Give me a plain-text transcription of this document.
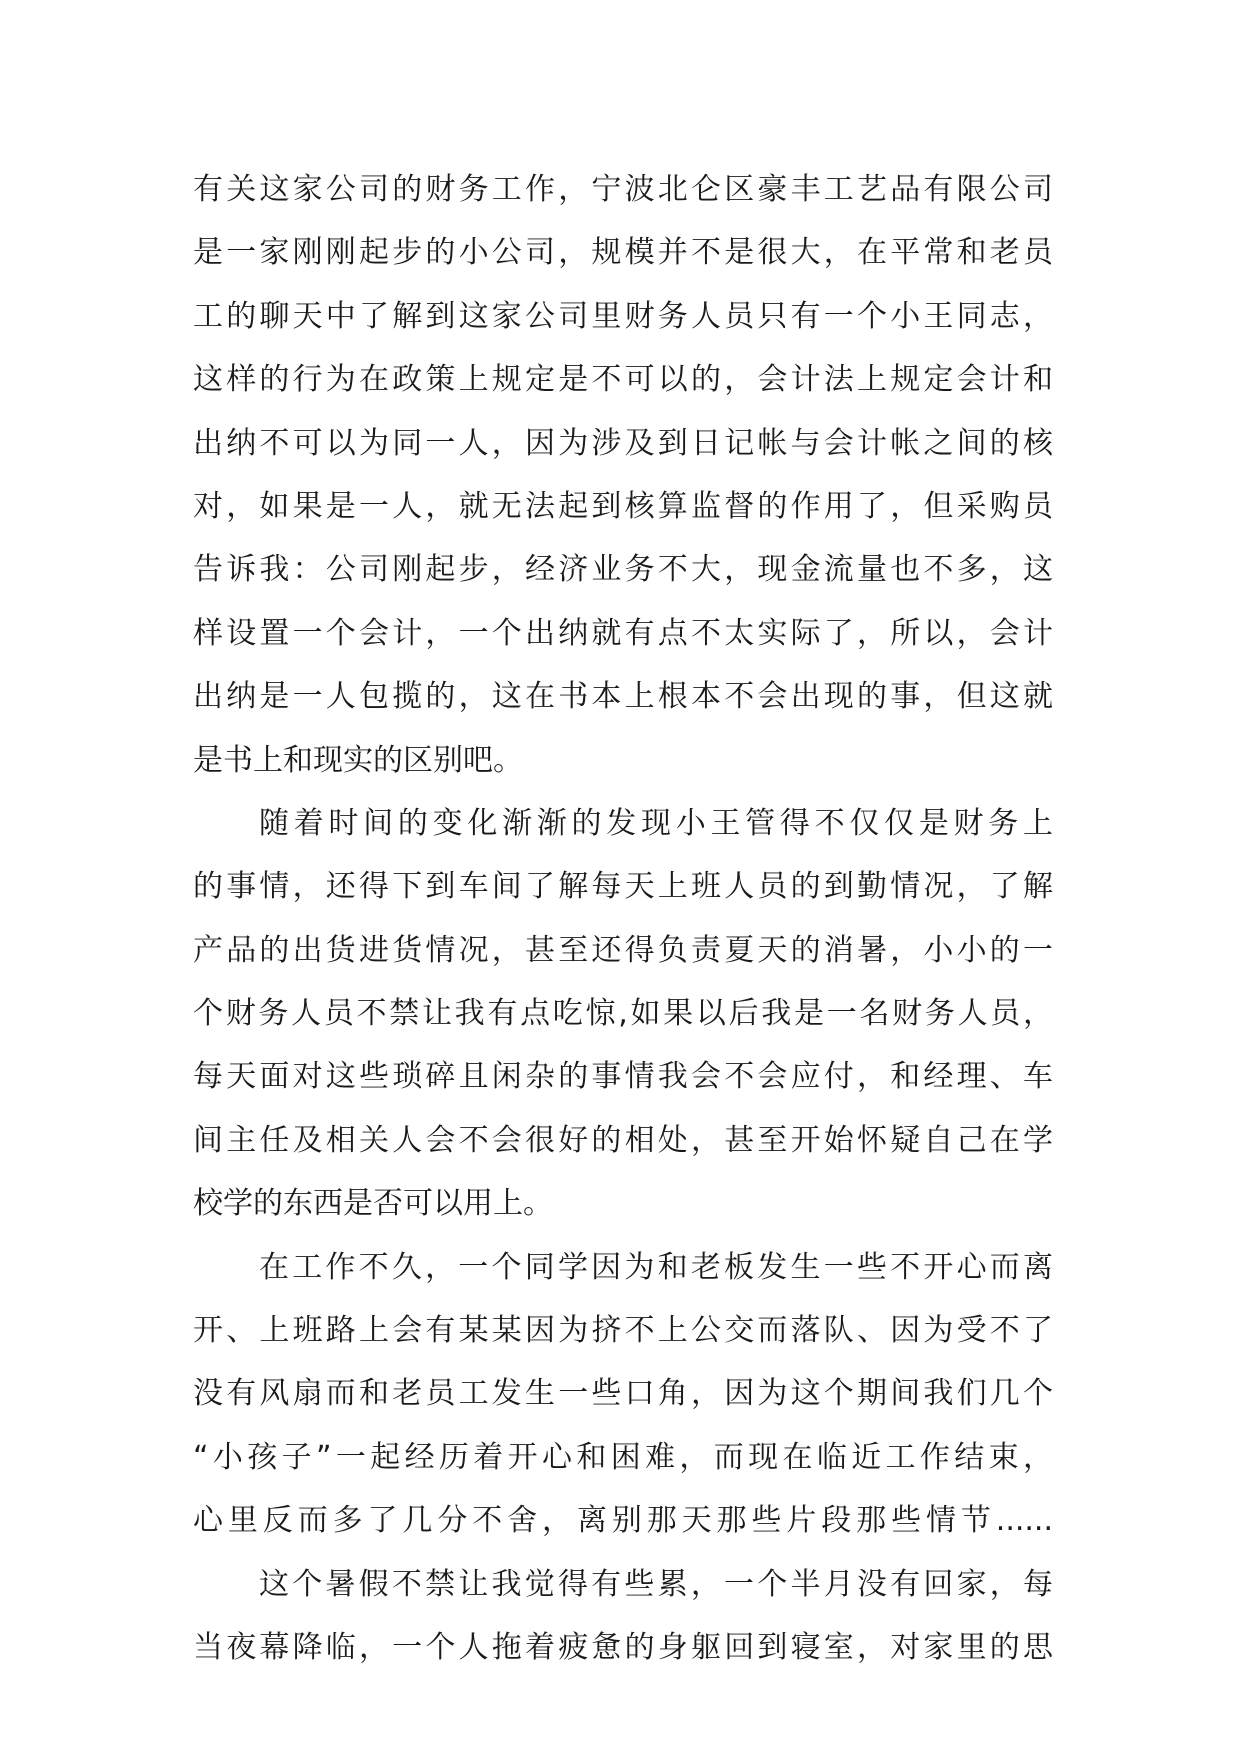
有关这家公司的财务工作，宁波北仑区豪丰工艺品有限公司
是一家刚刚起步的小公司，规模并不是很大，在平常和老员
工的聊天中了解到这家公司里财务人员只有一个小王同志，
这样的行为在政策上规定是不可以的，会计法上规定会计和
出纳不可以为同一人，因为涉及到日记帐与会计帐之间的核
对，如果是一人，就无法起到核算监督的作用了，但采购员
告诉我：公司刚起步，经济业务不大，现金流量也不多，这
样设置一个会计，一个出纳就有点不太实际了，所以，会计
出纳是一人包揽的，这在书本上根本不会出现的事，但这就
是书上和现实的区别吧。
随着时间的变化渐渐的发现小王管得不仅仅是财务上
的事情，还得下到车间了解每天上班人员的到勤情况，了解
产品的出货进货情况，甚至还得负责夏天的消暑，小小的一
个财务人员不禁让我有点吃惊,如果以后我是一名财务人员，
每天面对这些琐碎且闲杂的事情我会不会应付，和经理、车
间主任及相关人会不会很好的相处，甚至开始怀疑自己在学
校学的东西是否可以用上。
在工作不久，一个同学因为和老板发生一些不开心而离
开、上班路上会有某某因为挤不上公交而落队、因为受不了
没有风扇而和老员工发生一些口角，因为这个期间我们几个
“小孩子”一起经历着开心和困难，而现在临近工作结束，
心里反而多了几分不舍，离别那天那些片段那些情节......
这个暑假不禁让我觉得有些累，一个半月没有回家，每
当夜幕降临，一个人拖着疲惫的身躯回到寝室，对家里的思
